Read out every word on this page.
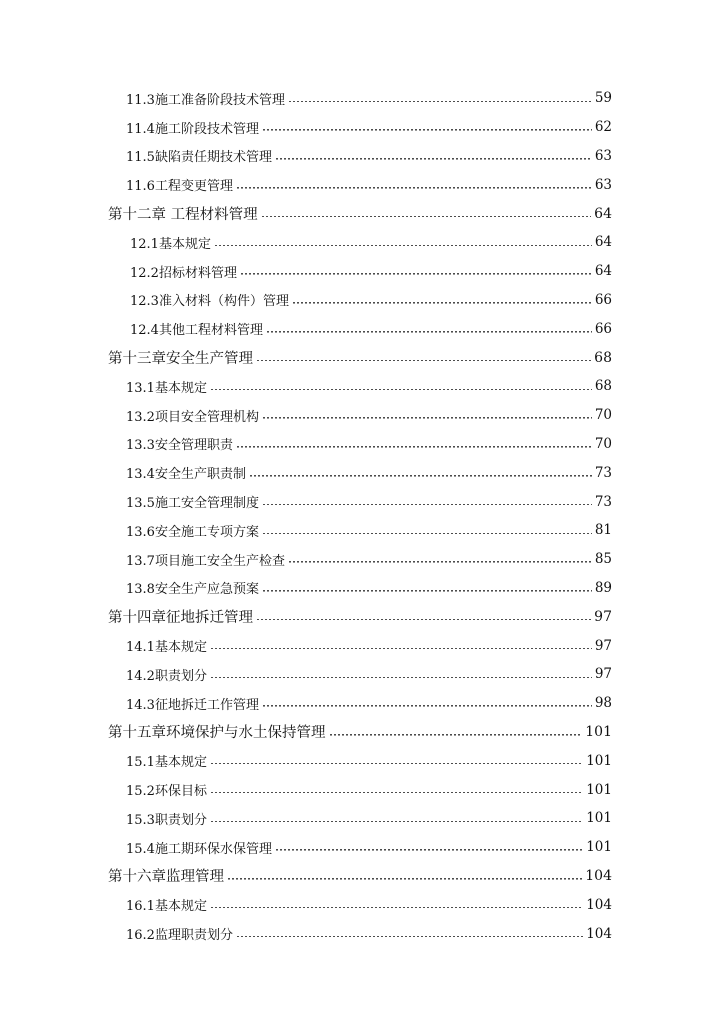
11.3施工准备阶段技术管理	59
11.4施工阶段技术管理	62
11.5缺陷责任期技术管理	63
11.6工程变更管理	63
第十二章 工程材料管理	64
12.1基本规定	64
12.2招标材料管理	64
12.3准入材料（构件）管理	66
12.4其他工程材料管理	66
第十三章安全生产管理	68
13.1基本规定	68
13.2项目安全管理机构	70
13.3安全管理职责	70
13.4安全生产职责制	73
13.5施工安全管理制度	73
13.6安全施工专项方案	81
13.7项目施工安全生产检查	85
13.8安全生产应急预案	89
第十四章征地拆迁管理	97
14.1基本规定	97
14.2职责划分	97
14.3征地拆迁工作管理	98
第十五章环境保护与水土保持管理	101
15.1基本规定	101
15.2环保目标	101
15.3职责划分	101
15.4施工期环保水保管理	101
第十六章监理管理	104
16.1基本规定	104
16.2监理职责划分	104
